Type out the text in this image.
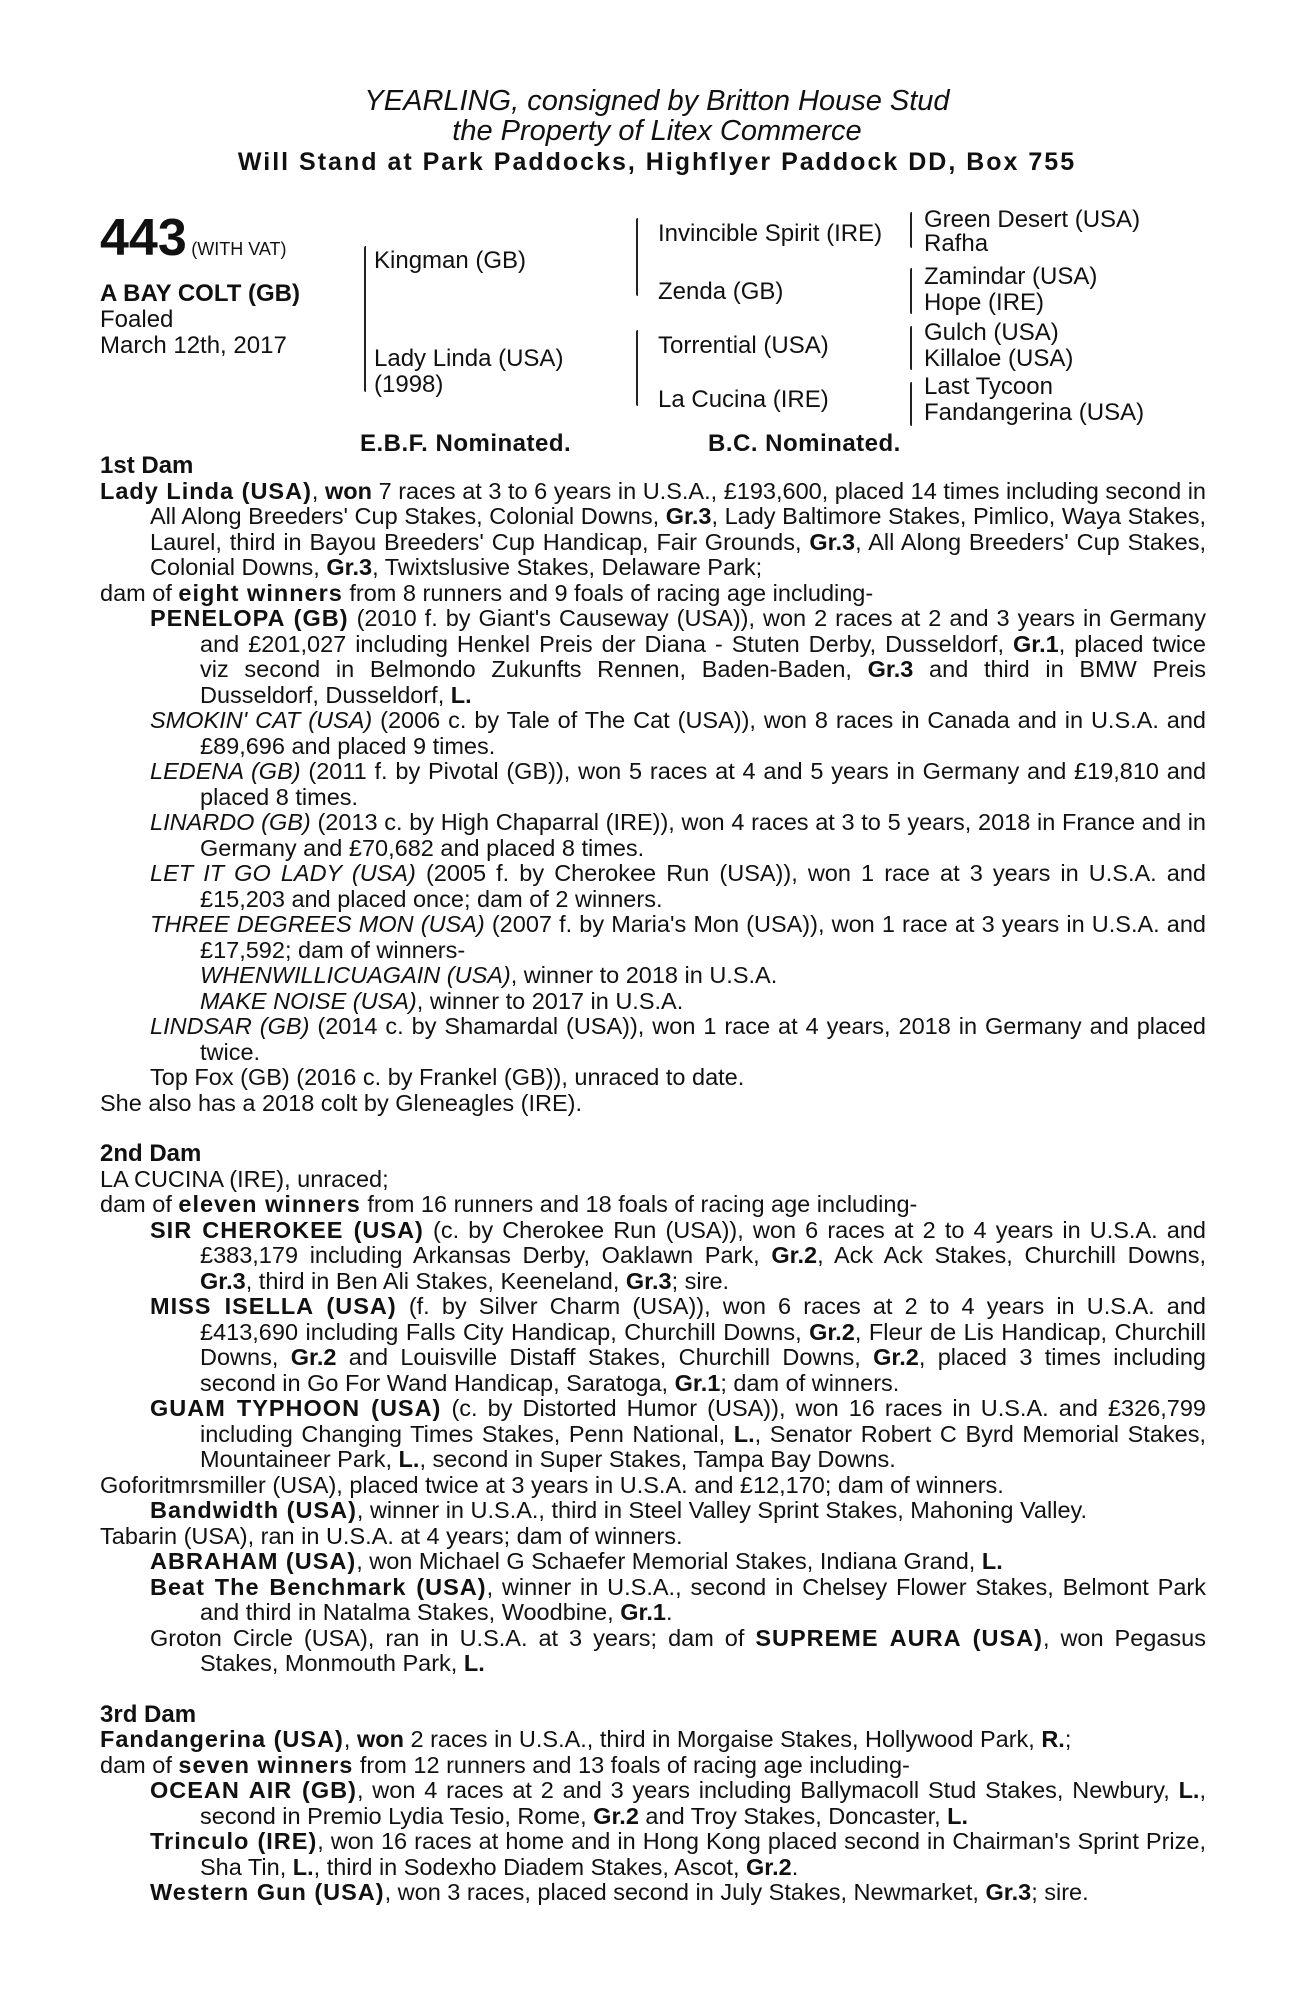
YEARLING, consigned by Britton House Stud
the Property of Litex Commerce
Will Stand at Park Paddocks, Highflyer Paddock DD, Box 755
443 (WITH VAT)
A BAY COLT (GB)
Foaled
March 12th, 2017
Kingman (GB)
Lady Linda (USA)
(1998)
Invincible Spirit (IRE)
Zenda (GB)
Torrential (USA)
La Cucina (IRE)
Green Desert (USA)
Rafha
Zamindar (USA)
Hope (IRE)
Gulch (USA)
Killaloe (USA)
Last Tycoon
Fandangerina (USA)
E.B.F. Nominated.	B.C. Nominated.
1st Dam

Lady Linda (USA), won 7 races at 3 to 6 years in U.S.A., £193,600, placed 14 times including second in All Along Breeders' Cup Stakes, Colonial Downs, Gr.3, Lady Baltimore Stakes, Pimlico, Waya Stakes, Laurel, third in Bayou Breeders' Cup Handicap, Fair Grounds, Gr.3, All Along Breeders' Cup Stakes, Colonial Downs, Gr.3, Twixtslusive Stakes, Delaware Park;

dam of eight winners from 8 runners and 9 foals of racing age including-

PENELOPA (GB) (2010 f. by Giant's Causeway (USA)), won 2 races at 2 and 3 years in Germany and £201,027 including Henkel Preis der Diana - Stuten Derby, Dusseldorf, Gr.1, placed twice viz second in Belmondo Zukunfts Rennen, Baden-Baden, Gr.3 and third in BMW Preis Dusseldorf, Dusseldorf, L.

SMOKIN' CAT (USA) (2006 c. by Tale of The Cat (USA)), won 8 races in Canada and in U.S.A. and £89,696 and placed 9 times.

LEDENA (GB) (2011 f. by Pivotal (GB)), won 5 races at 4 and 5 years in Germany and £19,810 and placed 8 times.

LINARDO (GB) (2013 c. by High Chaparral (IRE)), won 4 races at 3 to 5 years, 2018 in France and in Germany and £70,682 and placed 8 times.

LET IT GO LADY (USA) (2005 f. by Cherokee Run (USA)), won 1 race at 3 years in U.S.A. and £15,203 and placed once; dam of 2 winners.

THREE DEGREES MON (USA) (2007 f. by Maria's Mon (USA)), won 1 race at 3 years in U.S.A. and £17,592; dam of winners-

WHENWILLICUAGAIN (USA), winner to 2018 in U.S.A.

MAKE NOISE (USA), winner to 2017 in U.S.A.

LINDSAR (GB) (2014 c. by Shamardal (USA)), won 1 race at 4 years, 2018 in Germany and placed twice.

Top Fox (GB) (2016 c. by Frankel (GB)), unraced to date.

She also has a 2018 colt by Gleneagles (IRE).

2nd Dam

LA CUCINA (IRE), unraced;

dam of eleven winners from 16 runners and 18 foals of racing age including-

SIR CHEROKEE (USA) (c. by Cherokee Run (USA)), won 6 races at 2 to 4 years in U.S.A. and £383,179 including Arkansas Derby, Oaklawn Park, Gr.2, Ack Ack Stakes, Churchill Downs, Gr.3, third in Ben Ali Stakes, Keeneland, Gr.3; sire.

MISS ISELLA (USA) (f. by Silver Charm (USA)), won 6 races at 2 to 4 years in U.S.A. and £413,690 including Falls City Handicap, Churchill Downs, Gr.2, Fleur de Lis Handicap, Churchill Downs, Gr.2 and Louisville Distaff Stakes, Churchill Downs, Gr.2, placed 3 times including second in Go For Wand Handicap, Saratoga, Gr.1; dam of winners.

GUAM TYPHOON (USA) (c. by Distorted Humor (USA)), won 16 races in U.S.A. and £326,799 including Changing Times Stakes, Penn National, L., Senator Robert C Byrd Memorial Stakes, Mountaineer Park, L., second in Super Stakes, Tampa Bay Downs.

Goforitmrsmiller (USA), placed twice at 3 years in U.S.A. and £12,170; dam of winners.

Bandwidth (USA), winner in U.S.A., third in Steel Valley Sprint Stakes, Mahoning Valley.

Tabarin (USA), ran in U.S.A. at 4 years; dam of winners.

ABRAHAM (USA), won Michael G Schaefer Memorial Stakes, Indiana Grand, L.

Beat The Benchmark (USA), winner in U.S.A., second in Chelsey Flower Stakes, Belmont Park and third in Natalma Stakes, Woodbine, Gr.1.

Groton Circle (USA), ran in U.S.A. at 3 years; dam of SUPREME AURA (USA), won Pegasus Stakes, Monmouth Park, L.

3rd Dam

Fandangerina (USA), won 2 races in U.S.A., third in Morgaise Stakes, Hollywood Park, R.;

dam of seven winners from 12 runners and 13 foals of racing age including-

OCEAN AIR (GB), won 4 races at 2 and 3 years including Ballymacoll Stud Stakes, Newbury, L., second in Premio Lydia Tesio, Rome, Gr.2 and Troy Stakes, Doncaster, L.

Trinculo (IRE), won 16 races at home and in Hong Kong placed second in Chairman's Sprint Prize, Sha Tin, L., third in Sodexho Diadem Stakes, Ascot, Gr.2.

Western Gun (USA), won 3 races, placed second in July Stakes, Newmarket, Gr.3; sire.
